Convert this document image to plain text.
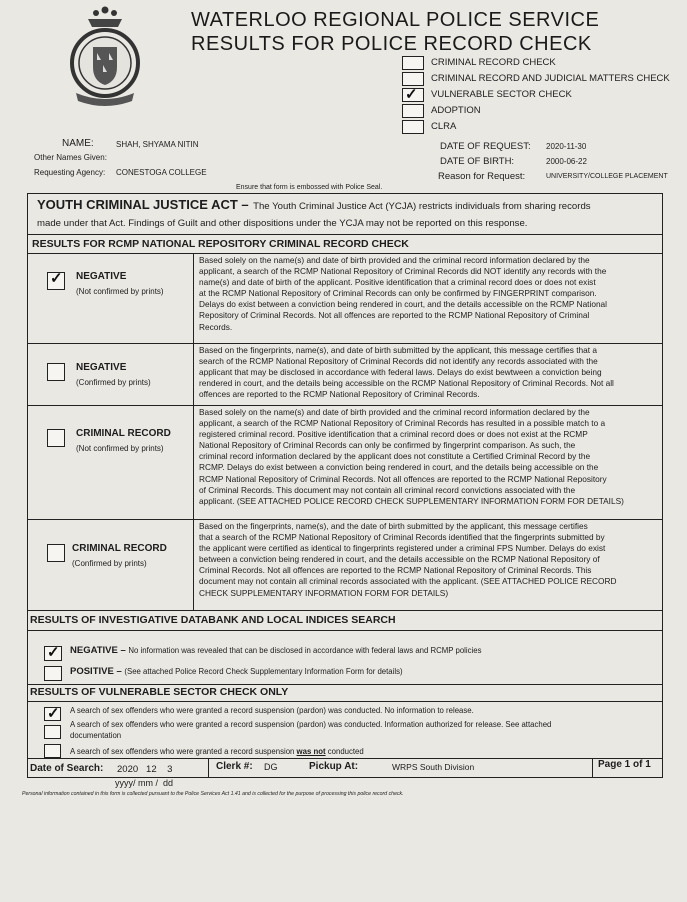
WATERLOO REGIONAL POLICE SERVICE
RESULTS FOR POLICE RECORD CHECK
CRIMINAL RECORD CHECK
CRIMINAL RECORD AND JUDICIAL MATTERS CHECK
✓
VULNERABLE SECTOR CHECK
ADOPTION
CLRA
NAME:	SHAH, SHYAMA NITIN
Other Names Given:
Requesting Agency: CONESTOGA COLLEGE
DATE OF REQUEST: 2020-11-30
DATE OF BIRTH:	2000-06-22
Reason for Request:	UNIVERSITY/COLLEGE PLACEMENT
Ensure that form is embossed with Police Seal.
YOUTH CRIMINAL JUSTICE ACT – The Youth Criminal Justice Act (YCJA) restricts individuals from sharing records
made under that Act. Findings of Guilt and other dispositions under the YCJA may not be reported on this response.
RESULTS FOR RCMP NATIONAL REPOSITORY CRIMINAL RECORD CHECK
✓
NEGATIVE
(Not confirmed by prints)
Based solely on the name(s) and date of birth provided and the criminal record information declared by the
applicant, a search of the RCMP National Repository of Criminal Records did NOT identify any records with the
name(s) and date of birth of the applicant. Positive identification that a criminal record does or does not exist
at the RCMP National Repository of Criminal Records can only be confirmed by FINGERPRINT comparison.
Delays do exist between a conviction being rendered in court, and the details accessible on the RCMP National
Repository of Criminal Records. Not all offences are reported to the RCMP National Repository of Criminal
Records.
NEGATIVE
(Confirmed by prints)
Based on the fingerprints, name(s), and date of birth submitted by the applicant, this message certifies that a
search of the RCMP National Repository of Criminal Records did not identify any records associated with the
applicant that may be disclosed in accordance with federal laws. Delays do exist bewtween a conviction being
rendered in court, and the details being accessible on the RCMP National Repository of Criminal Records. Not all
offences are reported to the RCMP National Repository of Criminal Records.
CRIMINAL RECORD
(Not confirmed by prints)
Based solely on the name(s) and date of birth provided and the criminal record information declared by the
applicant, a search of the RCMP National Repository of Criminal Records has resulted in a possible match to a
registered criminal record. Positive identification that a criminal record does or does not exist at the RCMP
National Repository of Criminal Records can only be confirmed by fingerprint comparison. As such, the
criminal record information declared by the applicant does not constitute a Certified Criminal Record by the
RCMP. Delays do exist between a conviction being rendered in court, and the details being accessible on the
RCMP National Repository of Criminal Records. Not all offences are reported to the RCMP National Repository
of Criminal Records. This document may not contain all criminal record convictions associated with the
applicant. (SEE ATTACHED POLICE RECORD CHECK SUPPLEMENTARY INFORMATION FORM FOR DETAILS)
CRIMINAL RECORD
(Confirmed by prints)
Based on the fingerprints, name(s), and the date of birth submitted by the applicant, this message certifies
that a search of the RCMP National Repository of Criminal Records identified that the fingerprints submitted by
the applicant were certified as identical to fingerprints registered under a criminal FPS Number. Delays do exist
between a conviction being rendered in court, and the details accessible on the RCMP National Repository of
Criminal Records. Not all offences are reported to the RCMP National Repository of Criminal Records. This
document may not contain all criminal records associated with the applicant. (SEE ATTACHED POLICE RECORD
CHECK SUPPLEMENTARY INFORMATION FORM FOR DETAILS)
RESULTS OF INVESTIGATIVE DATABANK AND LOCAL INDICES SEARCH
✓
NEGATIVE – No information was revealed that can be disclosed in accordance with federal laws and RCMP policies
POSITIVE – (See attached Police Record Check Supplementary Information Form for details)
RESULTS OF VULNERABLE SECTOR CHECK ONLY
✓
A search of sex offenders who were granted a record suspension (pardon) was conducted. No information to release.
A search of sex offenders who were granted a record suspension (pardon) was conducted. Information authorized for release. See attached
documentation
A search of sex offenders who were granted a record suspension was not conducted
Date of Search: 2020   12    3
yyyy/ mm /  dd
Clerk #: DG	Pickup At:	WRPS South Division	Page 1 of 1
Personal information contained in this form is collected pursuant to the Police Services Act 1.41 and is collected for the purpose of processing this police record check.
